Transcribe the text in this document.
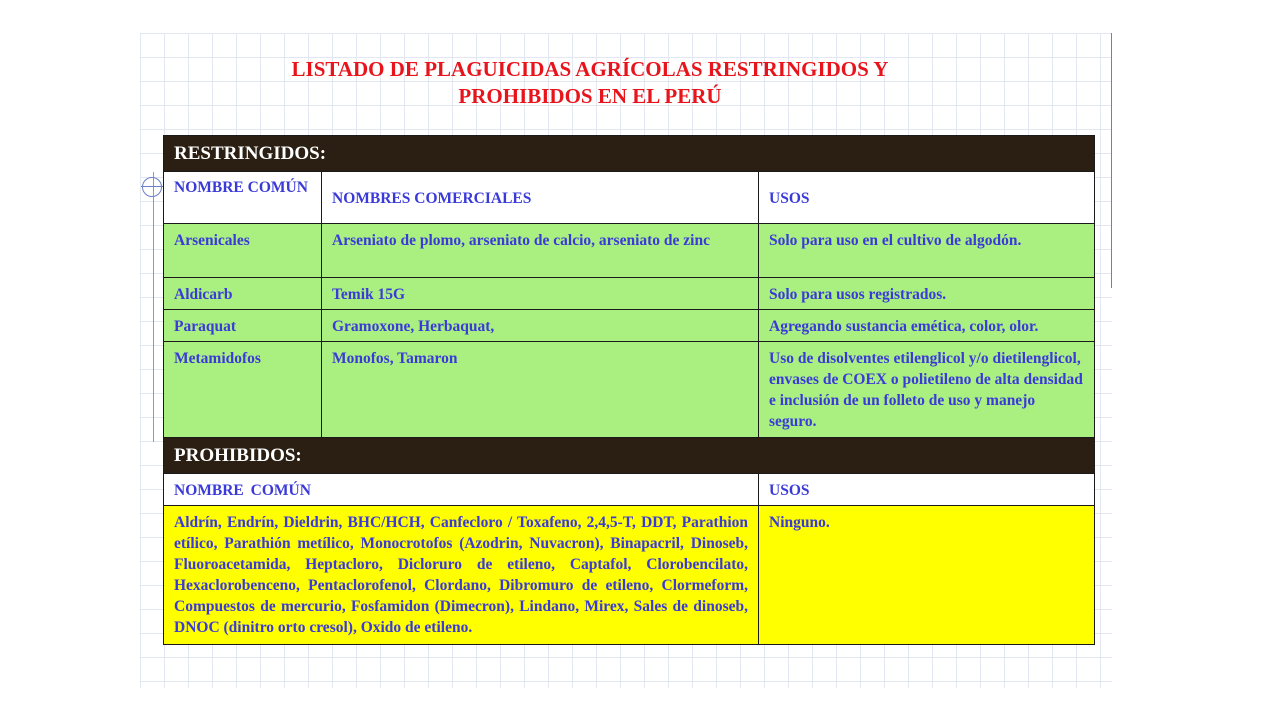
LISTADO DE PLAGUICIDAS AGRÍCOLAS RESTRINGIDOS Y
PROHIBIDOS EN EL PERÚ
RESTRINGIDOS:		
NOMBRE COMÚN	NOMBRES COMERCIALES	USOS
Arsenicales	Arseniato de plomo, arseniato de calcio, arseniato de zinc	Solo para uso en el cultivo de algodón.
Aldicarb	Temik 15G	Solo para usos registrados.
Paraquat	Gramoxone, Herbaquat,	Agregando sustancia emética, color, olor.
Metamidofos	Monofos, Tamaron	Uso de disolventes etilenglicol y/o dietilenglicol, envases de COEX o polietileno de alta densidad e inclusión de un folleto de uso y manejo seguro.
PROHIBIDOS:		
NOMBRE COMÚN		USOS
Aldrín, Endrín, Dieldrin, BHC/HCH, Canfecloro / Toxafeno, 2,4,5-T, DDT, Parathion etílico, Parathión metílico, Monocrotofos (Azodrin, Nuvacron), Binapacril, Dinoseb, Fluoroacetamida, Heptacloro, Dicloruro de etileno, Captafol, Clorobencilato, Hexaclorobenceno, Pentaclorofenol, Clordano, Dibromuro de etileno, Clormeform, Compuestos de mercurio, Fosfamidon (Dimecron), Lindano, Mirex, Sales de dinoseb, DNOC (dinitro orto cresol), Oxido de etileno.		Ninguno.
